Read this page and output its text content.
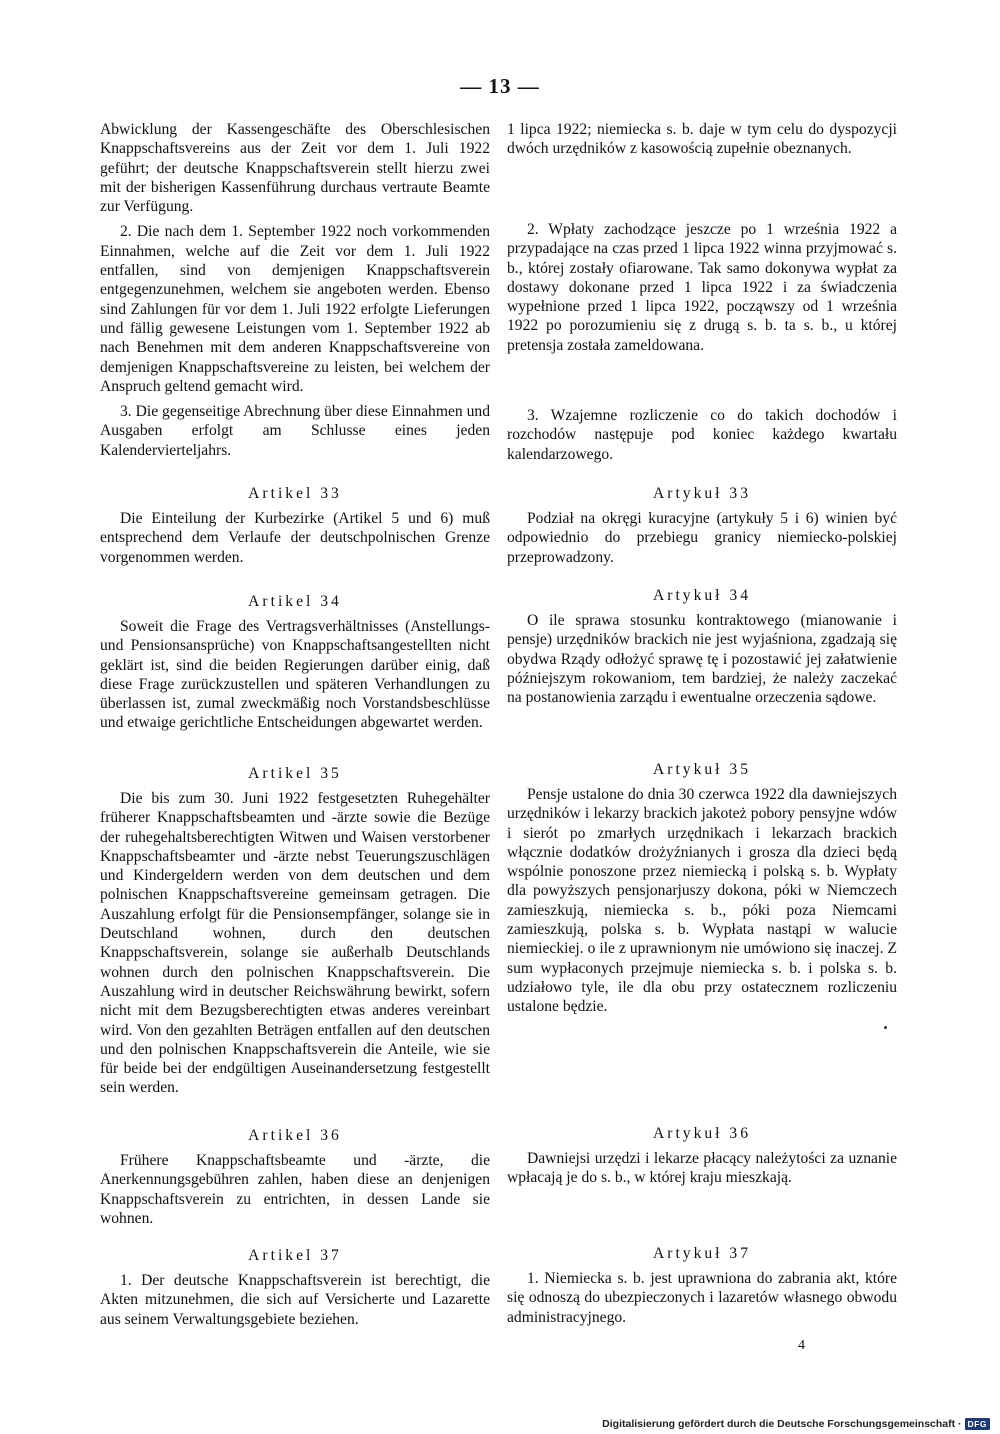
— 13 —

Abwicklung der Kassengeschäfte des Oberschlesischen Knappschaftsvereins aus der Zeit vor dem 1. Juli 1922 geführt; der deutsche Knappschaftsverein stellt hierzu zwei mit der bisherigen Kassenführung durchaus vertraute Beamte zur Verfügung.

2. Die nach dem 1. September 1922 noch vorkommenden Einnahmen, welche auf die Zeit vor dem 1. Juli 1922 entfallen, sind von demjenigen Knappschaftsverein entgegenzunehmen, welchem sie angeboten werden. Ebenso sind Zahlungen für vor dem 1. Juli 1922 erfolgte Lieferungen und fällig gewesene Leistungen vom 1. September 1922 ab nach Benehmen mit dem anderen Knappschaftsvereine von demjenigen Knappschaftsvereine zu leisten, bei welchem der Anspruch geltend gemacht wird.

3. Die gegenseitige Abrechnung über diese Einnahmen und Ausgaben erfolgt am Schlusse eines jeden Kalendervierteljahrs.

Artikel 33

Die Einteilung der Kurbezirke (Artikel 5 und 6) muß entsprechend dem Verlaufe der deutschpolnischen Grenze vorgenommen werden.

Artikel 34

Soweit die Frage des Vertragsverhältnisses (Anstellungs- und Pensionsansprüche) von Knappschaftsangestellten nicht geklärt ist, sind die beiden Regierungen darüber einig, daß diese Frage zurückzustellen und späteren Verhandlungen zu überlassen ist, zumal zweckmäßig noch Vorstandsbeschlüsse und etwaige gerichtliche Entscheidungen abgewartet werden.

Artikel 35

Die bis zum 30. Juni 1922 festgesetzten Ruhegehälter früherer Knappschaftsbeamten und -ärzte sowie die Bezüge der ruhegehaltsberechtigten Witwen und Waisen verstorbener Knappschaftsbeamter und -ärzte nebst Teuerungszuschlägen und Kindergeldern werden von dem deutschen und dem polnischen Knappschaftsvereine gemeinsam getragen. Die Auszahlung erfolgt für die Pensionsempfänger, solange sie in Deutschland wohnen, durch den deutschen Knappschaftsverein, solange sie außerhalb Deutschlands wohnen durch den polnischen Knappschaftsverein. Die Auszahlung wird in deutscher Reichswährung bewirkt, sofern nicht mit dem Bezugsberechtigten etwas anderes vereinbart wird. Von den gezahlten Beträgen entfallen auf den deutschen und den polnischen Knappschaftsverein die Anteile, wie sie für beide bei der endgültigen Auseinandersetzung festgestellt sein werden.

Artikel 36

Frühere Knappschaftsbeamte und -ärzte, die Anerkennungsgebühren zahlen, haben diese an denjenigen Knappschaftsverein zu entrichten, in dessen Lande sie wohnen.

Artikel 37

1. Der deutsche Knappschaftsverein ist berechtigt, die Akten mitzunehmen, die sich auf Versicherte und Lazarette aus seinem Verwaltungsgebiete beziehen.

1 lipca 1922; niemiecka s. b. daje w tym celu do dyspozycji dwóch urzędników z kasowością zupełnie obeznanych.

2. Wpłaty zachodzące jeszcze po 1 września 1922 a przypadające na czas przed 1 lipca 1922 winna przyjmować s. b., której zostały ofiarowane. Tak samo dokonywa wypłat za dostawy dokonane przed 1 lipca 1922 i za świadczenia wypełnione przed 1 lipca 1922, począwszy od 1 września 1922 po porozumieniu się z drugą s. b. ta s. b., u której pretensja została zameldowana.

3. Wzajemne rozliczenie co do takich dochodów i rozchodów następuje pod koniec każdego kwartału kalendarzowego.

Artykuł 33

Podział na okręgi kuracyjne (artykuły 5 i 6) winien być odpowiednio do przebiegu granicy niemiecko-polskiej przeprowadzony.

Artykuł 34

O ile sprawa stosunku kontraktowego (mianowanie i pensje) urzędników brackich nie jest wyjaśniona, zgadzają się obydwa Rządy odłożyć sprawę tę i pozostawić jej załatwienie późniejszym rokowaniom, tem bardziej, że należy zaczekać na postanowienia zarządu i ewentualne orzeczenia sądowe.

Artykuł 35

Pensje ustalone do dnia 30 czerwca 1922 dla dawniejszych urzędników i lekarzy brackich jakoteż pobory pensyjne wdów i sierót po zmarłych urzędnikach i lekarzach brackich włącznie dodatków drożyźnianych i grosza dla dzieci będą wspólnie ponoszone przez niemiecką i polską s. b. Wypłaty dla powyższych pensjonarjuszy dokona, póki w Niemczech zamieszkują, niemiecka s. b., póki poza Niemcami zamieszkują, polska s. b. Wypłata nastąpi w walucie niemieckiej. o ile z uprawnionym nie umówiono się inaczej. Z sum wypłaconych przejmuje niemiecka s. b. i polska s. b. udziałowo tyle, ile dla obu przy ostatecznem rozliczeniu ustalone będzie.

Artykuł 36

Dawniejsi urzędzi i lekarze płacący należytości za uznanie wpłacają je do s. b., w której kraju mieszkają.

Artykuł 37

1. Niemiecka s. b. jest uprawniona do zabrania akt, które się odnoszą do ubezpieczonych i lazaretów własnego obwodu administracyjnego.

4
Digitalisierung gefördert durch die Deutsche Forschungsgemeinschaft · DFG
